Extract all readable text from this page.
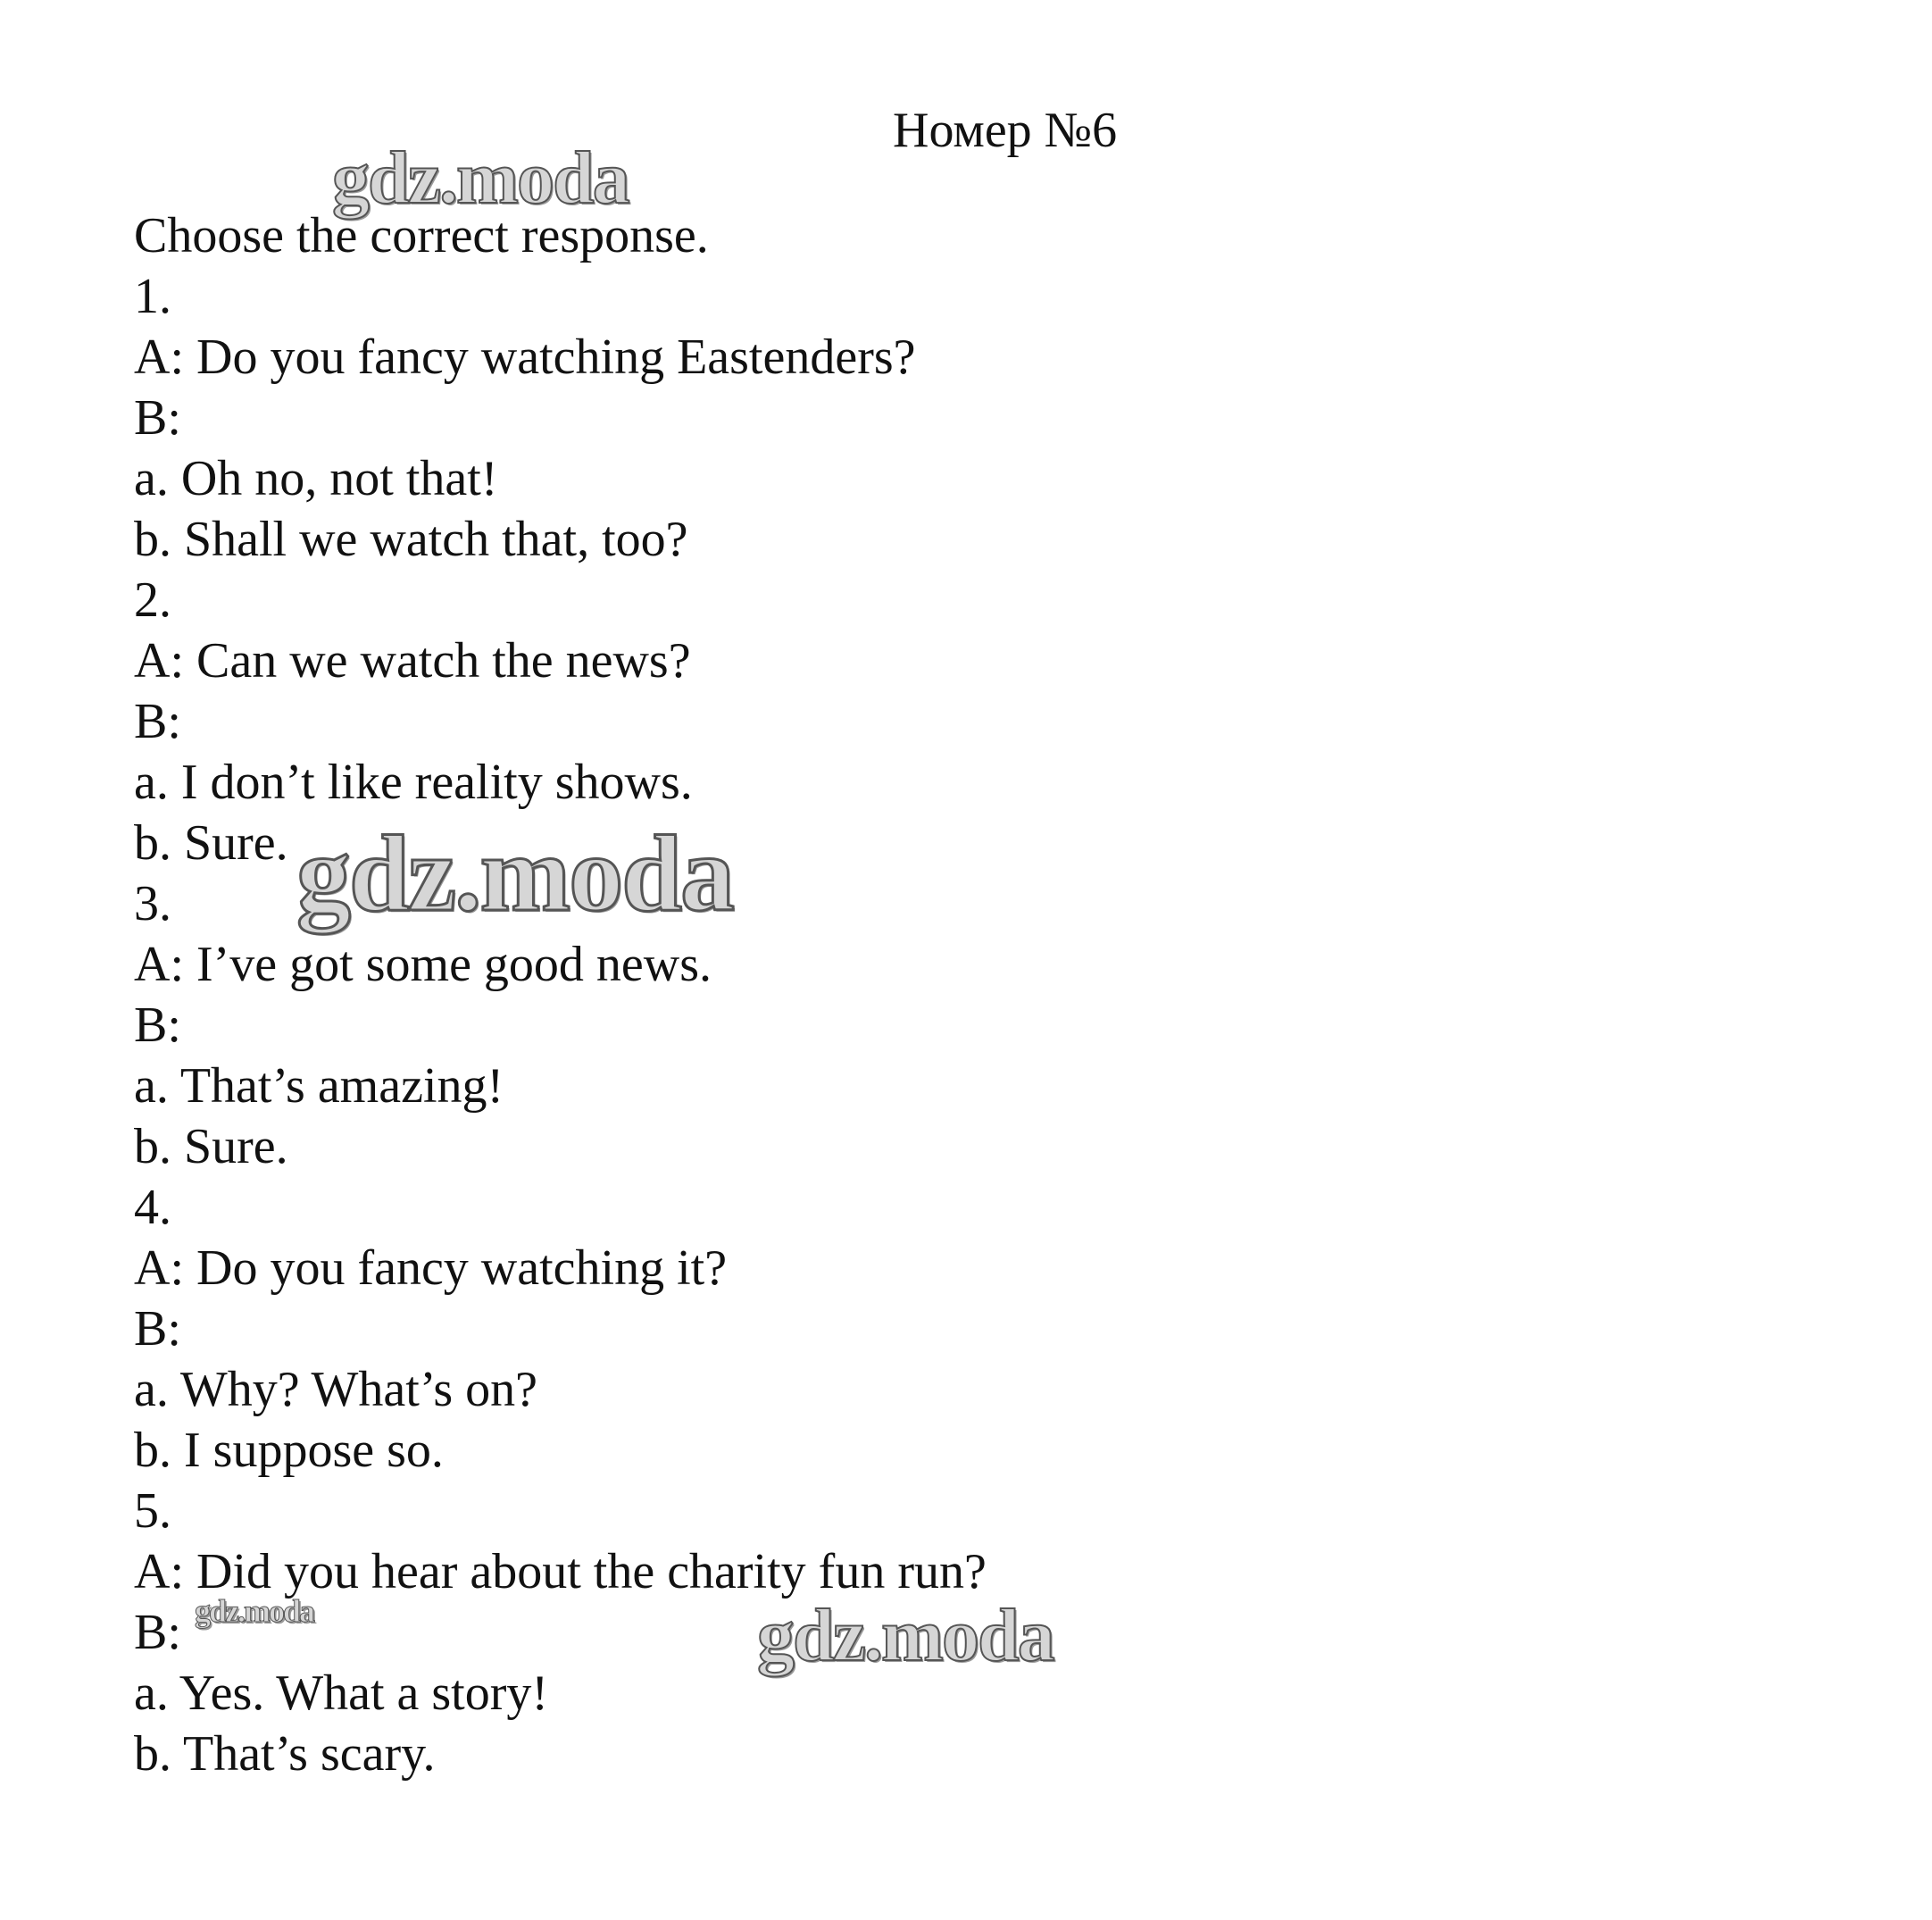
Номер №6
Choose the correct response.
1.
A: Do you fancy watching Eastenders?
B:
a. Oh no, not that!
b. Shall we watch that, too?
2.
A: Can we watch the news?
B:
a. I don’t like reality shows.
b. Sure.
3.
A: I’ve got some good news.
B:
a. That’s amazing!
b. Sure.
4.
A: Do you fancy watching it?
B:
a. Why? What’s on?
b. I suppose so.
5.
A: Did you hear about the charity fun run?
B:
a. Yes. What a story!
b. That’s scary.
gdz.moda
gdz.moda
gdz.moda	gdz.moda
